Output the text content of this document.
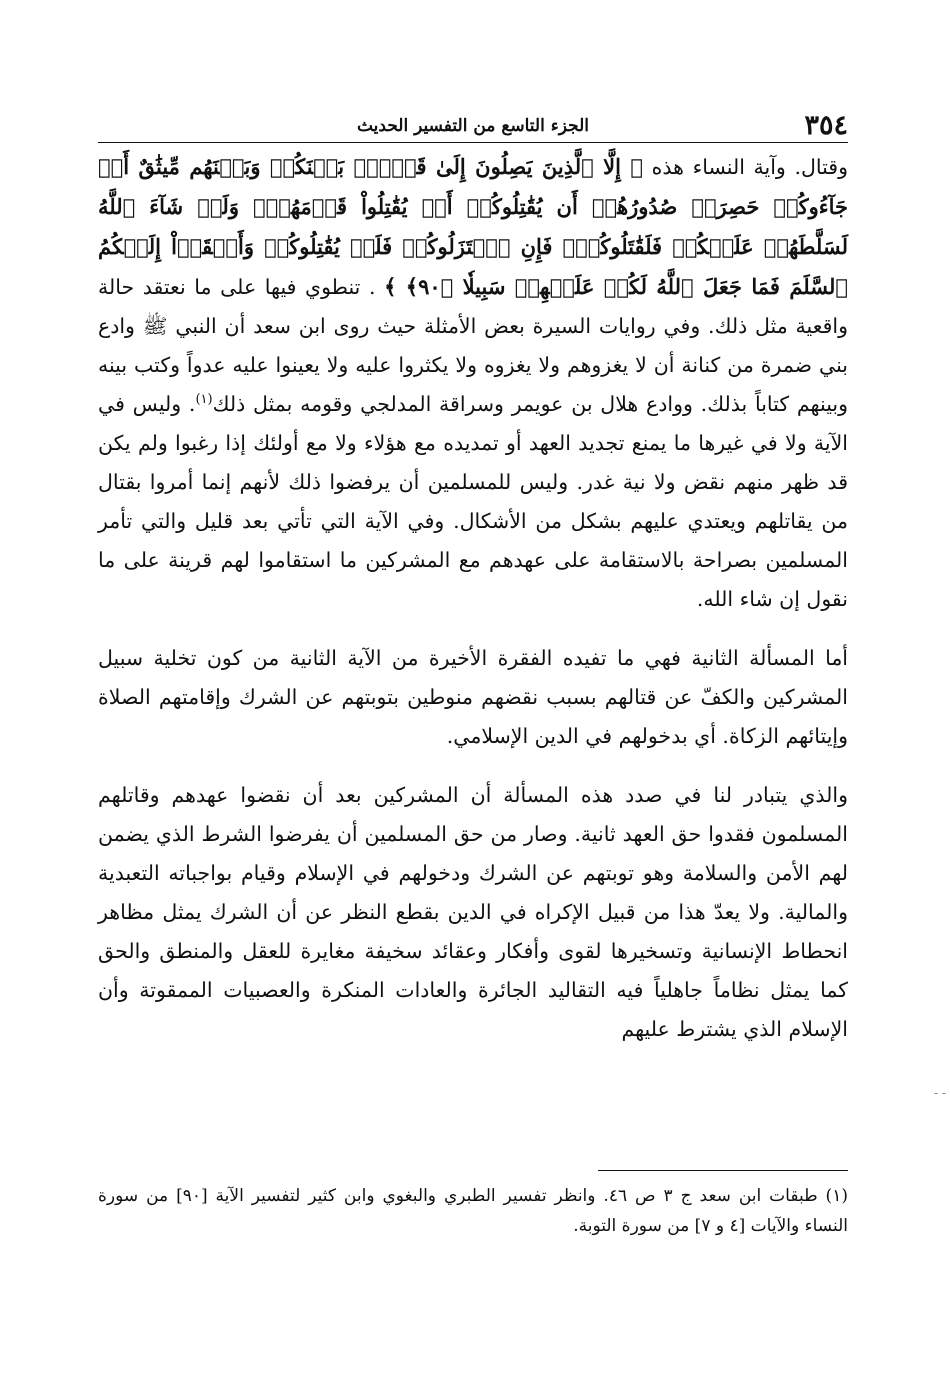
٣٥٤
الجزء التاسع من التفسير الحديث

وقتال. وآية النساء هذه ﴿ إِلَّا ٱلَّذِينَ يَصِلُونَ إِلَىٰ قَوۡمِۭ بَيۡنَكُمۡ وَبَيۡنَهُم مِّيثَٰقٌ أَوۡ جَآءُوكُمۡ حَصِرَتۡ صُدُورُهُمۡ أَن يُقَٰتِلُوكُمۡ أَوۡ يُقَٰتِلُواْ قَوۡمَهُمۡۚ وَلَوۡ شَآءَ ٱللَّهُ لَسَلَّطَهُمۡ عَلَيۡكُمۡ فَلَقَٰتَلُوكُمۡۚ فَإِنِ ٱعۡتَزَلُوكُمۡ فَلَمۡ يُقَٰتِلُوكُمۡ وَأَلۡقَوۡاْ إِلَيۡكُمُ ٱلسَّلَمَ فَمَا جَعَلَ ٱللَّهُ لَكُمۡ عَلَيۡهِمۡ سَبِيلٗا ﴿٩٠﴾ ﴾ . تنطوي فيها على ما نعتقد حالة واقعية مثل ذلك. وفي روايات السيرة بعض الأمثلة حيث روى ابن سعد أن النبي ﷺ وادع بني ضمرة من كنانة أن لا يغزوهم ولا يغزوه ولا يكثروا عليه ولا يعينوا عليه عدواً وكتب بينه وبينهم كتاباً بذلك. ووادع هلال بن عويمر وسراقة المدلجي وقومه بمثل ذلك$^{(١)}$. وليس في الآية ولا في غيرها ما يمنع تجديد العهد أو تمديده مع هؤلاء ولا مع أولئك إذا رغبوا ولم يكن قد ظهر منهم نقض ولا نية غدر. وليس للمسلمين أن يرفضوا ذلك لأنهم إنما أمروا بقتال من يقاتلهم ويعتدي عليهم بشكل من الأشكال. وفي الآية التي تأتي بعد قليل والتي تأمر المسلمين بصراحة بالاستقامة على عهدهم مع المشركين ما استقاموا لهم قرينة على ما نقول إن شاء الله.

أما المسألة الثانية فهي ما تفيده الفقرة الأخيرة من الآية الثانية من كون تخلية سبيل المشركين والكفّ عن قتالهم بسبب نقضهم منوطين بتوبتهم عن الشرك وإقامتهم الصلاة وإيتائهم الزكاة. أي بدخولهم في الدين الإسلامي.

والذي يتبادر لنا في صدد هذه المسألة أن المشركين بعد أن نقضوا عهدهم وقاتلهم المسلمون فقدوا حق العهد ثانية. وصار من حق المسلمين أن يفرضوا الشرط الذي يضمن لهم الأمن والسلامة وهو توبتهم عن الشرك ودخولهم في الإسلام وقيام بواجباته التعبدية والمالية. ولا يعدّ هذا من قبيل الإكراه في الدين بقطع النظر عن أن الشرك يمثل مظاهر انحطاط الإنسانية وتسخيرها لقوى وأفكار وعقائد سخيفة مغايرة للعقل والمنطق والحق كما يمثل نظاماً جاهلياً فيه التقاليد الجائرة والعادات المنكرة والعصبيات الممقوتة وأن الإسلام الذي يشترط عليهم

(١) طبقات ابن سعد ج ٣ ص ٤٦. وانظر تفسير الطبري والبغوي وابن كثير لتفسير الآية [٩٠] من سورة النساء والآيات [٤ و ٧] من سورة التوبة.

- -
